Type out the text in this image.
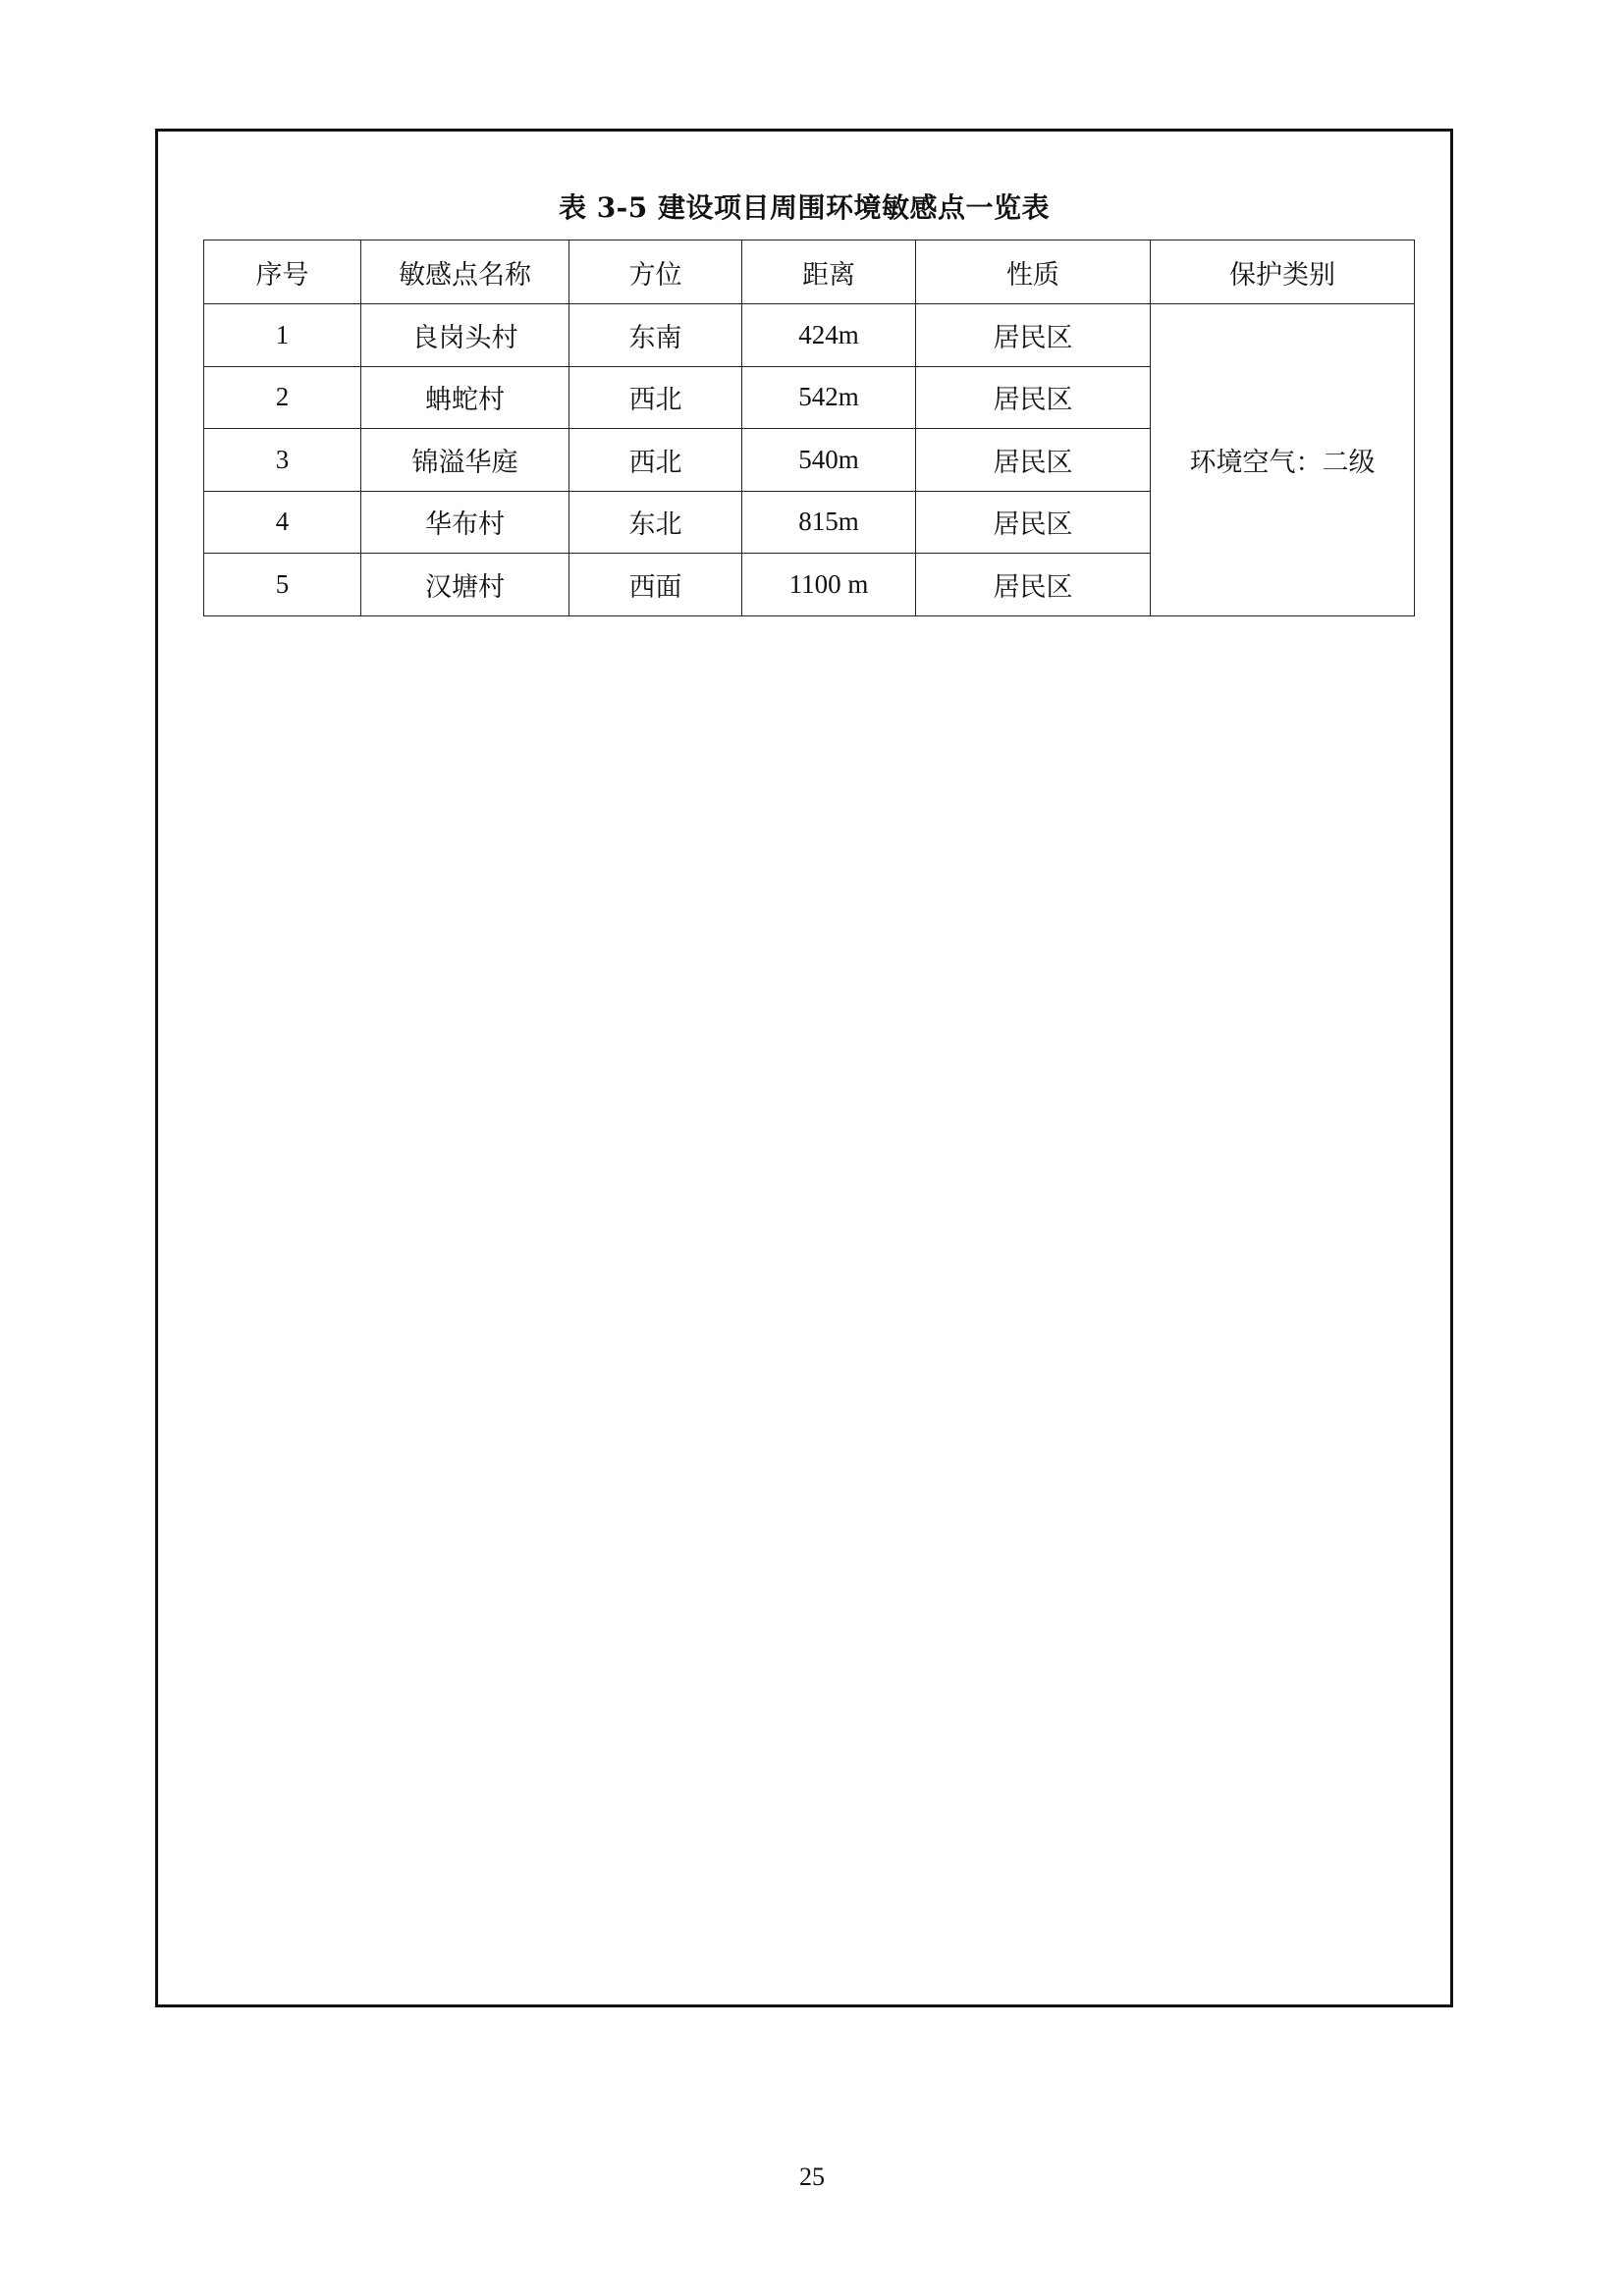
表 3-5 建设项目周围环境敏感点一览表
序号	敏感点名称	方位	距离	性质	保护类别
1	良岗头村	东南	424m	居民区	环境空气：二级
2	蚺蛇村	西北	542m	居民区	
3	锦溢华庭	西北	540m	居民区	
4	华布村	东北	815m	居民区	
5	汉塘村	西面	1100 m	居民区	
25
